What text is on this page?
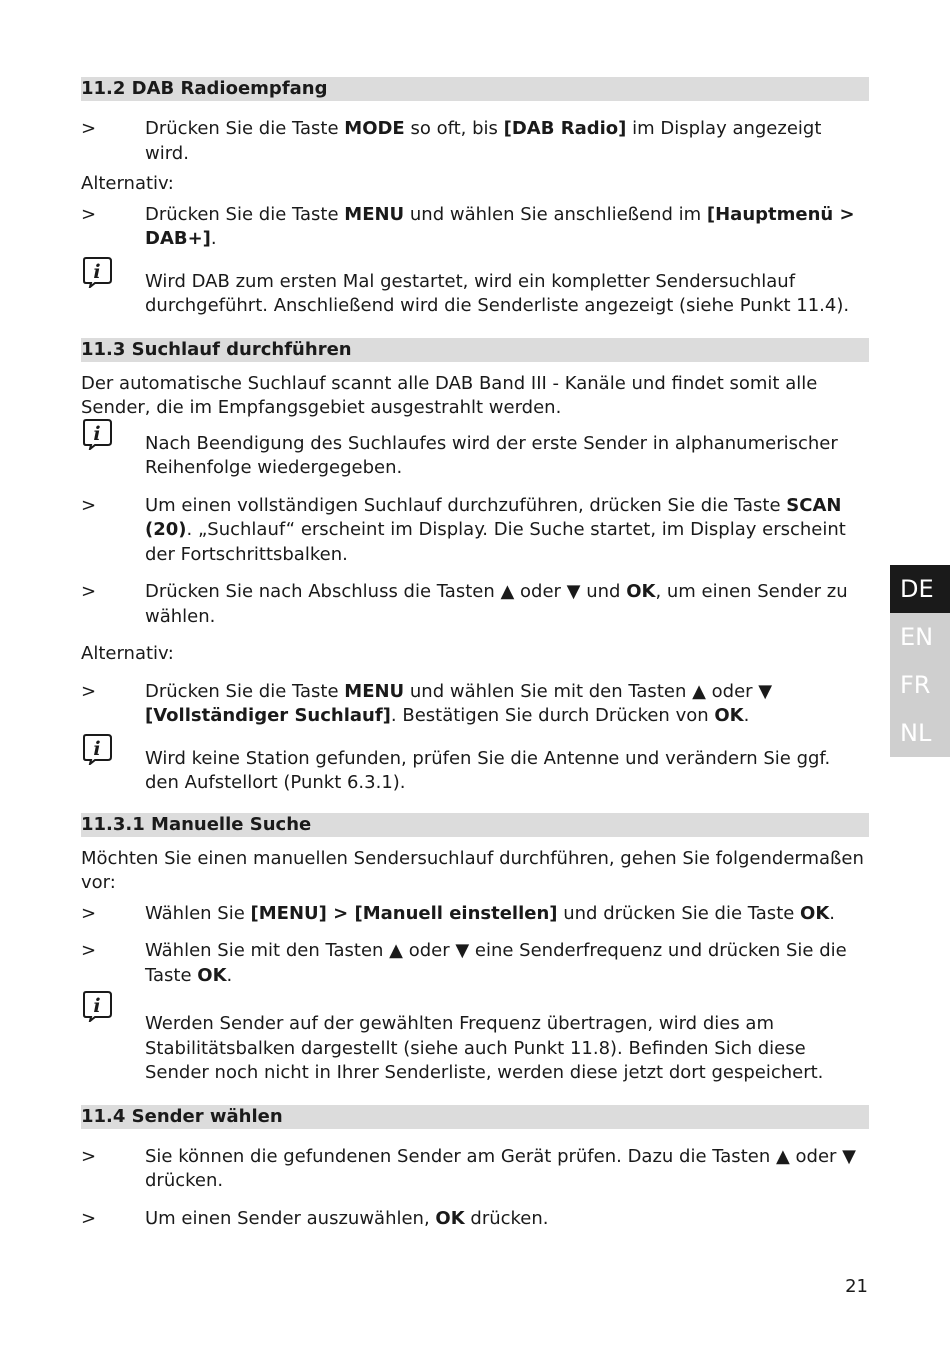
11.2 DAB Radioempfang
>	Drücken Sie die Taste MODE so oft, bis [DAB Radio] im Display angezeigt wird.
Alternativ:
>	Drücken Sie die Taste MENU und wählen Sie anschließend im [Hauptmenü > DAB+].
i Wird DAB zum ersten Mal gestartet, wird ein kompletter Sendersuchlauf durchgeführt. Anschließend wird die Senderliste angezeigt (siehe Punkt 11.4).
11.3 Suchlauf durchführen
Der automatische Suchlauf scannt alle DAB Band III - Kanäle und findet somit alle Sender, die im Empfangsgebiet ausgestrahlt werden.
i Nach Beendigung des Suchlaufes wird der erste Sender in alphanumerischer Reihenfolge wiedergegeben.
>	Um einen vollständigen Suchlauf durchzuführen, drücken Sie die Taste SCAN (20). „Suchlauf“ erscheint im Display. Die Suche startet, im Display erscheint der Fortschrittsbalken.
>	Drücken Sie nach Abschluss die Tasten ▲ oder ▼ und OK, um einen Sender zu wählen.
Alternativ:
>	Drücken Sie die Taste MENU und wählen Sie mit den Tasten ▲ oder ▼ [Vollständiger Suchlauf]. Bestätigen Sie durch Drücken von OK.
i Wird keine Station gefunden, prüfen Sie die Antenne und verändern Sie ggf. den Aufstellort (Punkt 6.3.1).
11.3.1 Manuelle Suche
Möchten Sie einen manuellen Sendersuchlauf durchführen, gehen Sie folgendermaßen vor:
>	Wählen Sie [MENU] > [Manuell einstellen] und drücken Sie die Taste OK.
>	Wählen Sie mit den Tasten ▲ oder ▼ eine Senderfrequenz und drücken Sie die Taste OK.
i
Werden Sender auf der gewählten Frequenz übertragen, wird dies am Stabilitätsbalken dargestellt (siehe auch Punkt 11.8). Befinden Sich diese Sender noch nicht in Ihrer Senderliste, werden diese jetzt dort gespeichert.
11.4 Sender wählen
>	Sie können die gefundenen Sender am Gerät prüfen. Dazu die Tasten ▲ oder ▼ drücken.
>	Um einen Sender auszuwählen, OK drücken.
DE
EN
FR
NL
21
